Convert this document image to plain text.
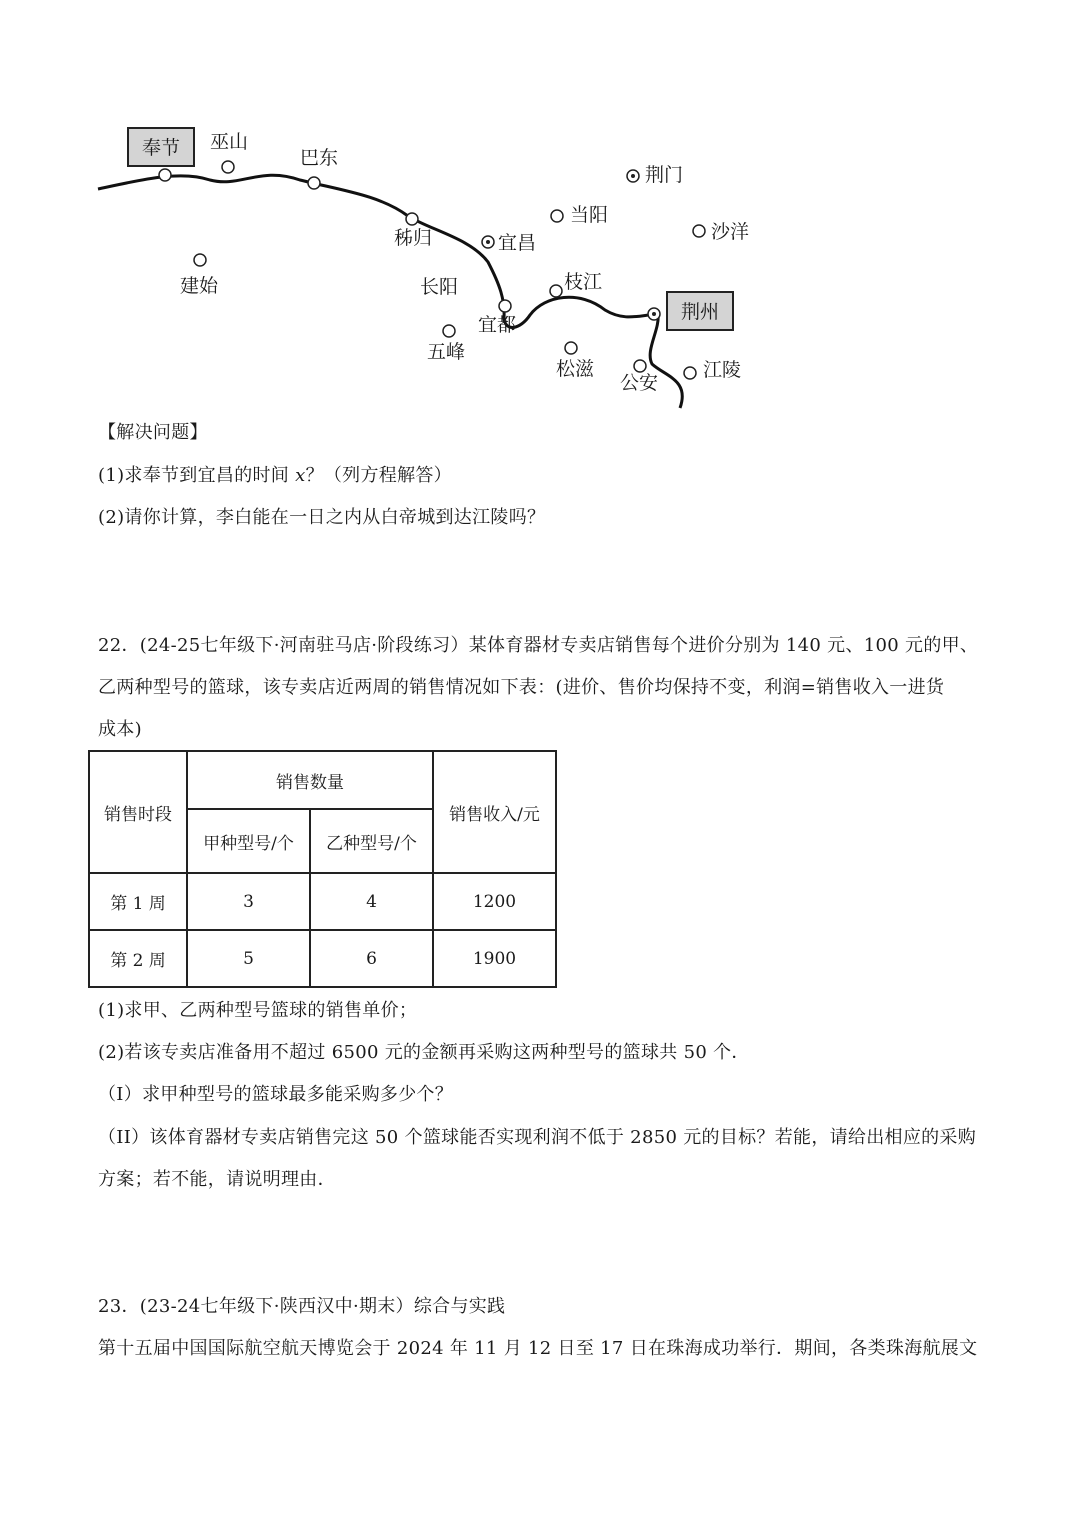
奉节
荆州
巫山
巴东
秭归	宜昌
建始	长阳
宜都
五峰
当阳
荆门
沙洋
枝江
松滋
公安
江陵
【解决问题】
(1)求奉节到宜昌的时间 x？（列方程解答）
(2)请你计算，李白能在一日之内从白帝城到达江陵吗？
22．(24-25七年级下·河南驻马店·阶段练习）某体育器材专卖店销售每个进价分别为 140 元、100 元的甲、
乙两种型号的篮球，该专卖店近两周的销售情况如下表：(进价、售价均保持不变，利润=销售收入一进货
成本)
销售时段	销售数量		销售收入/元
	甲种型号/个	乙种型号/个	
第 1 周	3	4	1200
第 2 周	5	6	1900
(1)求甲、乙两种型号篮球的销售单价；
(2)若该专卖店准备用不超过 6500 元的金额再采购这两种型号的篮球共 50 个．
（I）求甲种型号的篮球最多能采购多少个？
（II）该体育器材专卖店销售完这 50 个篮球能否实现利润不低于 2850 元的目标？若能，请给出相应的采购
方案；若不能，请说明理由．
23．(23-24七年级下·陕西汉中·期末）综合与实践
第十五届中国国际航空航天博览会于 2024 年 11 月 12 日至 17 日在珠海成功举行．期间，各类珠海航展文
